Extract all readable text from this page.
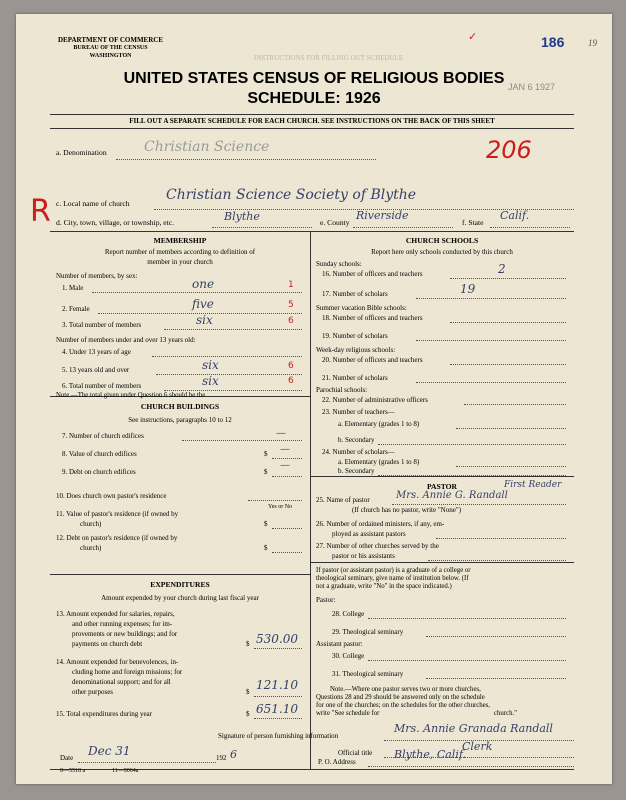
DEPARTMENT OF COMMERCE
BUREAU OF THE CENSUS
WASHINGTON	INSTRUCTIONS FOR FILLING OUT SCHEDULE
✓	186	19
JAN 6 1927
UNITED STATES CENSUS OF RELIGIOUS BODIES
SCHEDULE: 1926
FILL OUT A SEPARATE SCHEDULE FOR EACH CHURCH. SEE INSTRUCTIONS ON THE BACK OF THIS SHEET
a. Denomination	Christian Science	206
R c. Local name of church
Christian Science Society of Blythe
d. City, town, village, or township, etc.	Blythe	e. County
Riverside
f. State
Calif.
MEMBERSHIP
Report number of members according to definition of
member in your church
Number of members, by sex:
1. Male	one	1
2. Female	five	5
3. Total number of members	six	6
Number of members under and over 13 years old:
4. Under 13 years of age
5. 13 years old and over	six	6
6. Total number of members	six	6
Note.—The total given under Question 6 should be the
CHURCH BUILDINGS
See instructions, paragraphs 10 to 12
7. Number of church edifices	—
8. Value of church edifices	$ —
9. Debt on church edifices	$
—
10. Does church own pastor's residence
Yes or No
11. Value of pastor's residence (if owned by
church)	$
12. Debt on pastor's residence (if owned by
church)	$
EXPENDITURES
Amount expended by your church during last fiscal year
13. Amount expended for salaries, repairs,
and other running expenses; for im-
provements or new buildings; and for
payments on church debt	$ 530.00
14. Amount expended for benevolences, in-
cluding home and foreign missions; for
denominational support; and for all
other purposes	$ 121.10
15. Total expenditures during year	$ 651.10
CHURCH SCHOOLS
Report here only schools conducted by this church
Sunday schools:
16. Number of officers and teachers	2
17. Number of scholars	19
Summer vacation Bible schools:
18. Number of officers and teachers
19. Number of scholars
Week-day religious schools:
20. Number of officers and teachers
21. Number of scholars
Parochial schools:
22. Number of administrative officers
23. Number of teachers—
a. Elementary (grades 1 to 8)
b. Secondary
24. Number of scholars—
a. Elementary (grades 1 to 8)
b. Secondary
PASTOR	First Reader
25. Name of pastor	Mrs. Annie G. Randall
(If church has no pastor, write "None")
26. Number of ordained ministers, if any, em-
ployed as assistant pastors
27. Number of other churches served by the
pastor or his assistants
If pastor (or assistant pastor) is a graduate of a college or
theological seminary, give name of institution below. (If
not a graduate, write "No" in the space indicated.)
Pastor:
28. College
29. Theological seminary
Assistant pastor:
30. College
31. Theological seminary
Note.—Where one pastor serves two or more churches,
Questions 28 and 29 should be answered only on the schedule
for one of the churches; on the schedules for the other churches,
write "See schedule for	church."
Signature of person furnishing information
Mrs. Annie Granada Randall
Official title	Clerk
Date Dec 31	192 6
P. O. Address
Blythe, Calif.
8—5518 a	11—9064a
